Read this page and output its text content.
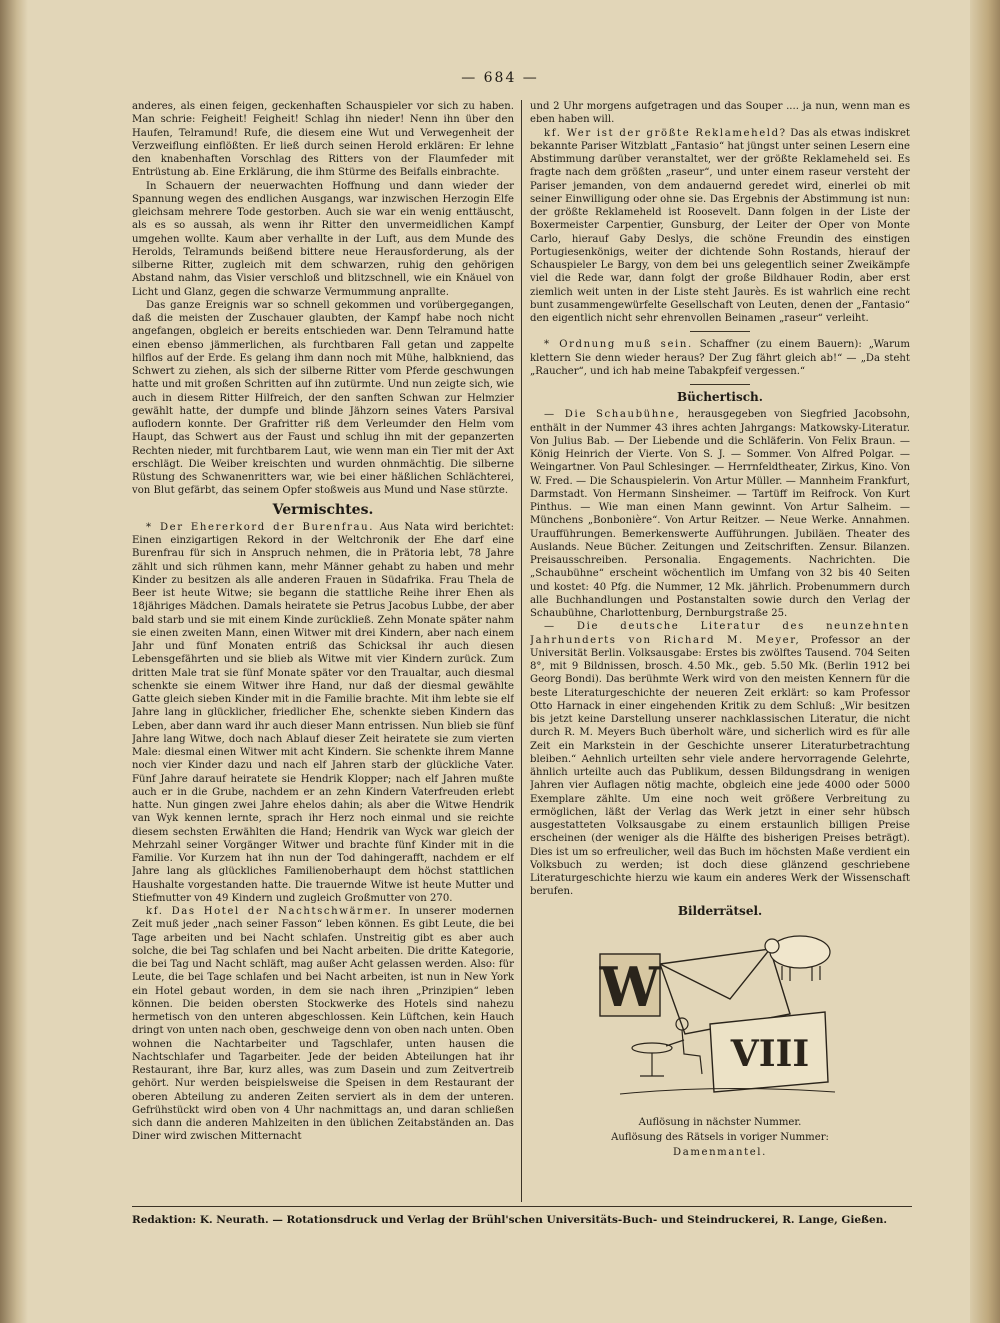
— 684 —

anderes, als einen feigen, geckenhaften Schauspieler vor sich zu haben. Man schrie: Feigheit! Feigheit! Schlag ihn nieder! Nenn ihn über den Haufen, Telramund! Rufe, die diesem eine Wut und Verwegenheit der Verzweiflung einflößten. Er ließ durch seinen Herold erklären: Er lehne den knabenhaften Vorschlag des Ritters von der Flaumfeder mit Entrüstung ab. Eine Erklärung, die ihm Stürme des Beifalls einbrachte.

In Schauern der neuerwachten Hoffnung und dann wieder der Spannung wegen des endlichen Ausgangs, war inzwischen Herzogin Elfe gleichsam mehrere Tode gestorben. Auch sie war ein wenig enttäuscht, als es so aussah, als wenn ihr Ritter den unvermeidlichen Kampf umgehen wollte. Kaum aber verhallte in der Luft, aus dem Munde des Herolds, Telramunds beißend bittere neue Herausforderung, als der silberne Ritter, zugleich mit dem schwarzen, ruhig den gehörigen Abstand nahm, das Visier verschloß und blitzschnell, wie ein Knäuel von Licht und Glanz, gegen die schwarze Vermummung anprallte.

Das ganze Ereignis war so schnell gekommen und vorübergegangen, daß die meisten der Zuschauer glaubten, der Kampf habe noch nicht angefangen, obgleich er bereits entschieden war. Denn Telramund hatte einen ebenso jämmerlichen, als furchtbaren Fall getan und zappelte hilflos auf der Erde. Es gelang ihm dann noch mit Mühe, halbkniend, das Schwert zu ziehen, als sich der silberne Ritter vom Pferde geschwungen hatte und mit großen Schritten auf ihn zutürmte. Und nun zeigte sich, wie auch in diesem Ritter Hilfreich, der den sanften Schwan zur Helmzier gewählt hatte, der dumpfe und blinde Jähzorn seines Vaters Parsival auflodern konnte. Der Grafritter riß dem Verleumder den Helm vom Haupt, das Schwert aus der Faust und schlug ihn mit der gepanzerten Rechten nieder, mit furchtbarem Laut, wie wenn man ein Tier mit der Axt erschlägt. Die Weiber kreischten und wurden ohnmächtig. Die silberne Rüstung des Schwanenritters war, wie bei einer häßlichen Schlächterei, von Blut gefärbt, das seinem Opfer stoßweis aus Mund und Nase stürzte.

Vermischtes.

* Der Ehererkord der Burenfrau. Aus Nata wird berichtet: Einen einzigartigen Rekord in der Weltchronik der Ehe darf eine Burenfrau für sich in Anspruch nehmen, die in Prätoria lebt, 78 Jahre zählt und sich rühmen kann, mehr Männer gehabt zu haben und mehr Kinder zu besitzen als alle anderen Frauen in Südafrika. Frau Thela de Beer ist heute Witwe; sie begann die stattliche Reihe ihrer Ehen als 18jähriges Mädchen. Damals heiratete sie Petrus Jacobus Lubbe, der aber bald starb und sie mit einem Kinde zurückließ. Zehn Monate später nahm sie einen zweiten Mann, einen Witwer mit drei Kindern, aber nach einem Jahr und fünf Monaten entriß das Schicksal ihr auch diesen Lebensgefährten und sie blieb als Witwe mit vier Kindern zurück. Zum dritten Male trat sie fünf Monate später vor den Traualtar, auch diesmal schenkte sie einem Witwer ihre Hand, nur daß der diesmal gewählte Gatte gleich sieben Kinder mit in die Familie brachte. Mit ihm lebte sie elf Jahre lang in glücklicher, friedlicher Ehe, schenkte sieben Kindern das Leben, aber dann ward ihr auch dieser Mann entrissen. Nun blieb sie fünf Jahre lang Witwe, doch nach Ablauf dieser Zeit heiratete sie zum vierten Male: diesmal einen Witwer mit acht Kindern. Sie schenkte ihrem Manne noch vier Kinder dazu und nach elf Jahren starb der glückliche Vater. Fünf Jahre darauf heiratete sie Hendrik Klopper; nach elf Jahren mußte auch er in die Grube, nachdem er an zehn Kindern Vaterfreuden erlebt hatte. Nun gingen zwei Jahre ehelos dahin; als aber die Witwe Hendrik van Wyk kennen lernte, sprach ihr Herz noch einmal und sie reichte diesem sechsten Erwählten die Hand; Hendrik van Wyck war gleich der Mehrzahl seiner Vorgänger Witwer und brachte fünf Kinder mit in die Familie. Vor Kurzem hat ihn nun der Tod dahingerafft, nachdem er elf Jahre lang als glückliches Familienoberhaupt dem höchst stattlichen Haushalte vorgestanden hatte. Die trauernde Witwe ist heute Mutter und Stiefmutter von 49 Kindern und zugleich Großmutter von 270.

kf. Das Hotel der Nachtschwärmer. In unserer modernen Zeit muß jeder „nach seiner Fasson“ leben können. Es gibt Leute, die bei Tage arbeiten und bei Nacht schlafen. Unstreitig gibt es aber auch solche, die bei Tag schlafen und bei Nacht arbeiten. Die dritte Kategorie, die bei Tag und Nacht schläft, mag außer Acht gelassen werden. Also: für Leute, die bei Tage schlafen und bei Nacht arbeiten, ist nun in New York ein Hotel gebaut worden, in dem sie nach ihren „Prinzipien“ leben können. Die beiden obersten Stockwerke des Hotels sind nahezu hermetisch von den unteren abgeschlossen. Kein Lüftchen, kein Hauch dringt von unten nach oben, geschweige denn von oben nach unten. Oben wohnen die Nachtarbeiter und Tagschlafer, unten hausen die Nachtschlafer und Tagarbeiter. Jede der beiden Abteilungen hat ihr Restaurant, ihre Bar, kurz alles, was zum Dasein und zum Zeitvertreib gehört. Nur werden beispielsweise die Speisen in dem Restaurant der oberen Abteilung zu anderen Zeiten serviert als in dem der unteren. Gefrühstückt wird oben von 4 Uhr nachmittags an, und daran schließen sich dann die anderen Mahlzeiten in den üblichen Zeitabständen an. Das Diner wird zwischen Mitternacht

und 2 Uhr morgens aufgetragen und das Souper .... ja nun, wenn man es eben haben will.

kf. Wer ist der größte Reklameheld? Das als etwas indiskret bekannte Pariser Witzblatt „Fantasio“ hat jüngst unter seinen Lesern eine Abstimmung darüber veranstaltet, wer der größte Reklameheld sei. Es fragte nach dem größten „raseur“, und unter einem raseur versteht der Pariser jemanden, von dem andauernd geredet wird, einerlei ob mit seiner Einwilligung oder ohne sie. Das Ergebnis der Abstimmung ist nun: der größte Reklameheld ist Roosevelt. Dann folgen in der Liste der Boxermeister Carpentier, Gunsburg, der Leiter der Oper von Monte Carlo, hierauf Gaby Deslys, die schöne Freundin des einstigen Portugiesenkönigs, weiter der dichtende Sohn Rostands, hierauf der Schauspieler Le Bargy, von dem bei uns gelegentlich seiner Zweikämpfe viel die Rede war, dann folgt der große Bildhauer Rodin, aber erst ziemlich weit unten in der Liste steht Jaurès. Es ist wahrlich eine recht bunt zusammengewürfelte Gesellschaft von Leuten, denen der „Fantasio“ den eigentlich nicht sehr ehrenvollen Beinamen „raseur“ verleiht.

* Ordnung muß sein. Schaffner (zu einem Bauern): „Warum klettern Sie denn wieder heraus? Der Zug fährt gleich ab!“ — „Da steht „Raucher“, und ich hab meine Tabakpfeif vergessen.“

Büchertisch.

— Die Schaubühne, herausgegeben von Siegfried Jacobsohn, enthält in der Nummer 43 ihres achten Jahrgangs: Matkowsky-Literatur. Von Julius Bab. — Der Liebende und die Schläferin. Von Felix Braun. — König Heinrich der Vierte. Von S. J. — Sommer. Von Alfred Polgar. — Weingartner. Von Paul Schlesinger. — Herrnfeldtheater, Zirkus, Kino. Von W. Fred. — Die Schauspielerin. Von Artur Müller. — Mannheim Frankfurt, Darmstadt. Von Hermann Sinsheimer. — Tartüff im Reifrock. Von Kurt Pinthus. — Wie man einen Mann gewinnt. Von Artur Salheim. — Münchens „Bonbonière“. Von Artur Reitzer. — Neue Werke. Annahmen. Uraufführungen. Bemerkenswerte Aufführungen. Jubiläen. Theater des Auslands. Neue Bücher. Zeitungen und Zeitschriften. Zensur. Bilanzen. Preisausschreiben. Personalia. Engagements. Nachrichten. Die „Schaubühne“ erscheint wöchentlich im Umfang von 32 bis 40 Seiten und kostet: 40 Pfg. die Nummer, 12 Mk. jährlich. Probenummern durch alle Buchhandlungen und Postanstalten sowie durch den Verlag der Schaubühne, Charlottenburg, Dernburgstraße 25.

— Die deutsche Literatur des neunzehnten Jahrhunderts von Richard M. Meyer, Professor an der Universität Berlin. Volksausgabe: Erstes bis zwölftes Tausend. 704 Seiten 8°, mit 9 Bildnissen, brosch. 4.50 Mk., geb. 5.50 Mk. (Berlin 1912 bei Georg Bondi). Das berühmte Werk wird von den meisten Kennern für die beste Literaturgeschichte der neueren Zeit erklärt: so kam Professor Otto Harnack in einer eingehenden Kritik zu dem Schluß: „Wir besitzen bis jetzt keine Darstellung unserer nachklassischen Literatur, die nicht durch R. M. Meyers Buch überholt wäre, und sicherlich wird es für alle Zeit ein Markstein in der Geschichte unserer Literaturbetrachtung bleiben.“ Aehnlich urteilten sehr viele andere hervorragende Gelehrte, ähnlich urteilte auch das Publikum, dessen Bildungsdrang in wenigen Jahren vier Auflagen nötig machte, obgleich eine jede 4000 oder 5000 Exemplare zählte. Um eine noch weit größere Verbreitung zu ermöglichen, läßt der Verlag das Werk jetzt in einer sehr hübsch ausgestatteten Volksausgabe zu einem erstaunlich billigen Preise erscheinen (der weniger als die Hälfte des bisherigen Preises beträgt). Dies ist um so erfreulicher, weil das Buch im höchsten Maße verdient ein Volksbuch zu werden; ist doch diese glänzend geschriebene Literaturgeschichte hierzu wie kaum ein anderes Werk der Wissenschaft berufen.

Bilderrätsel.
W
VIII
Auflösung in nächster Nummer.
Auflösung des Rätsels in voriger Nummer:
Damenmantel.
Redaktion: K. Neurath. — Rotationsdruck und Verlag der Brühl'schen Universitäts-Buch- und Steindruckerei, R. Lange, Gießen.
